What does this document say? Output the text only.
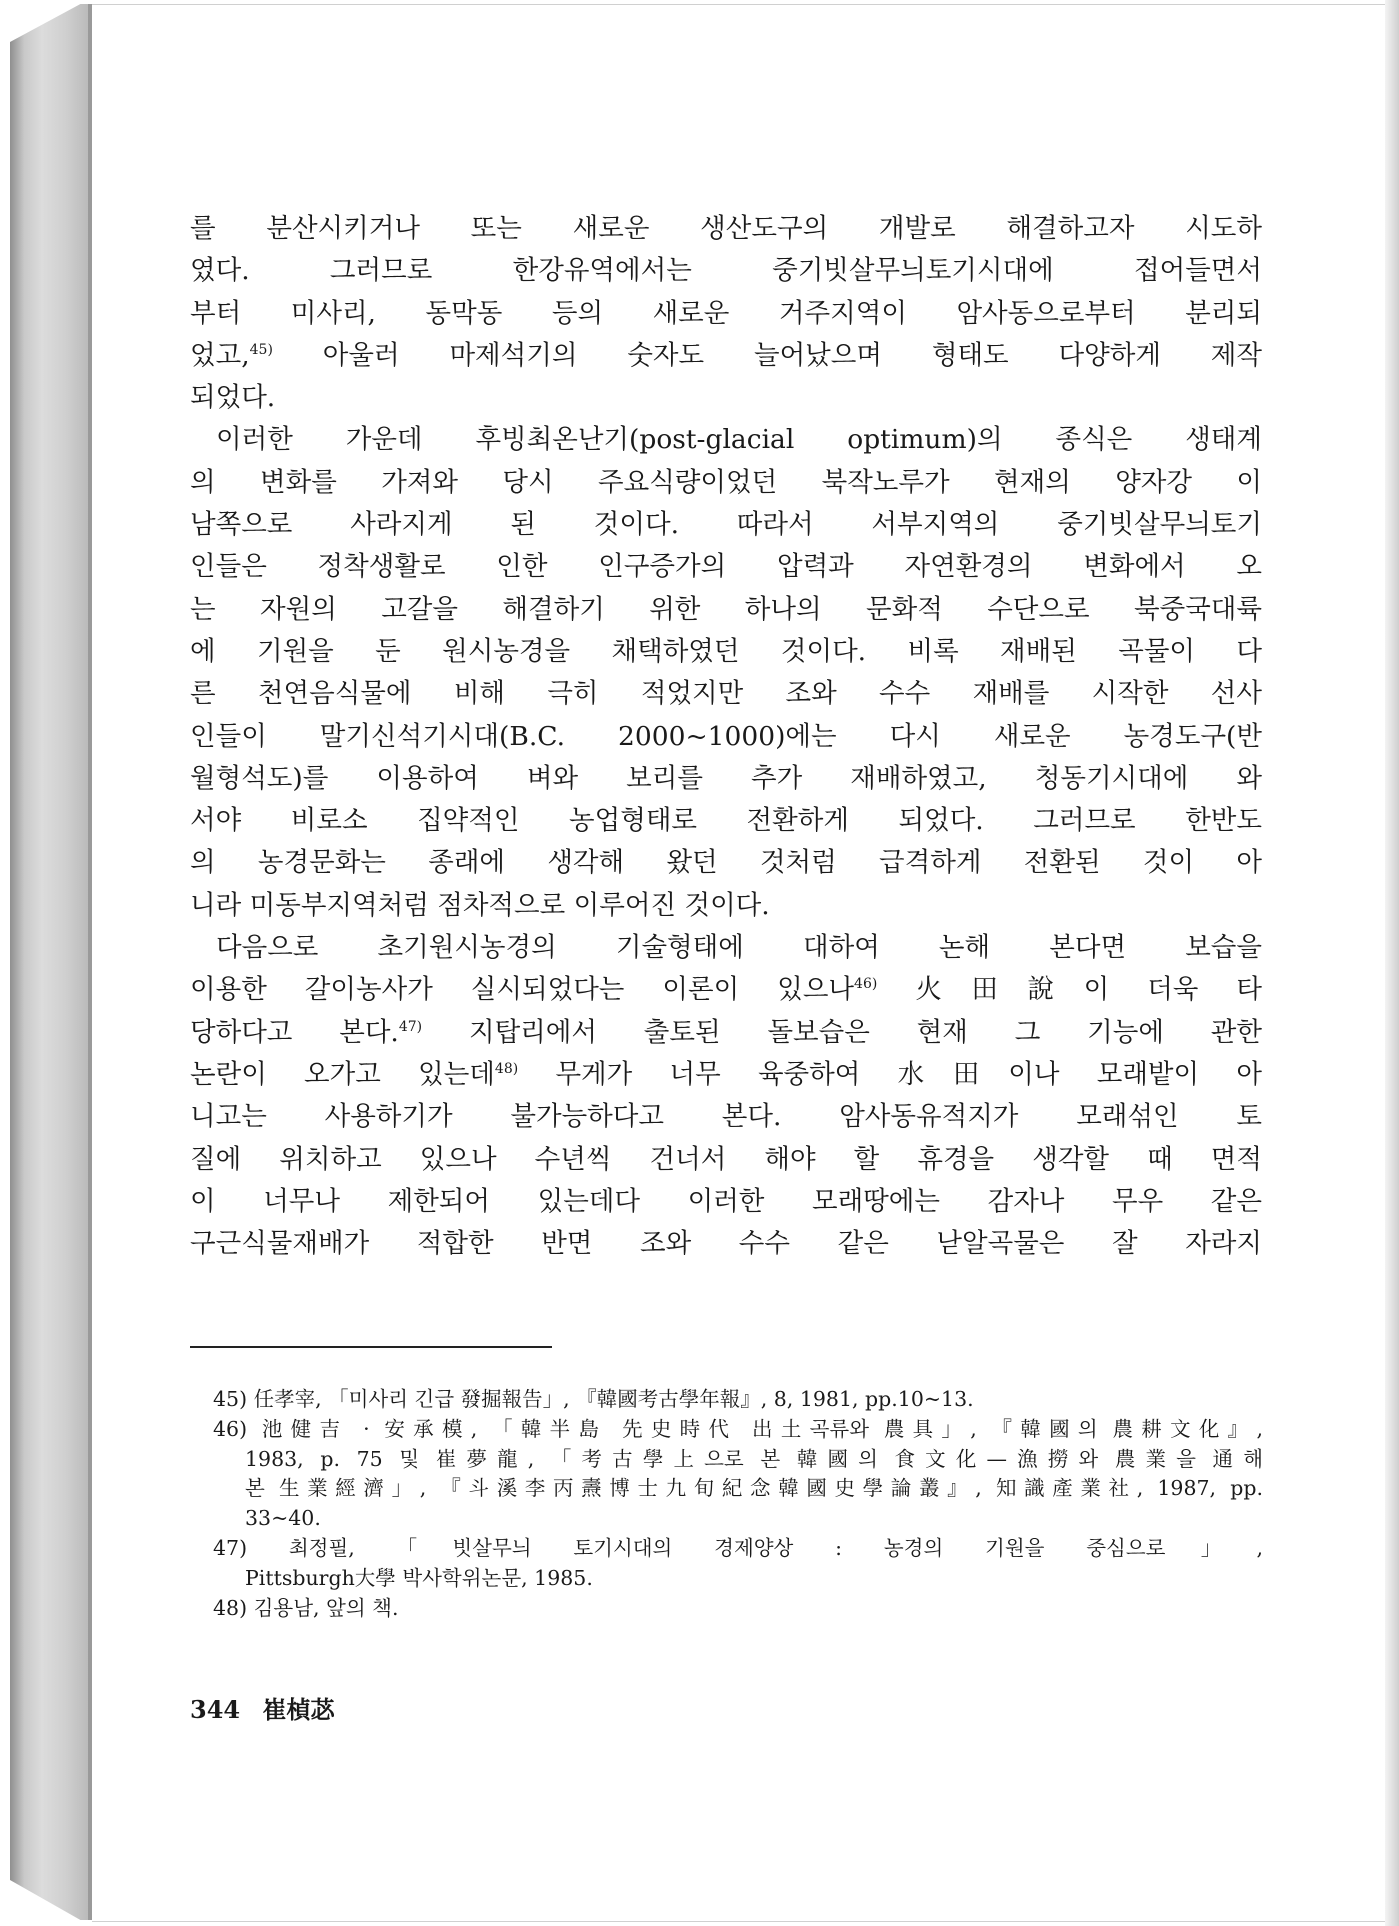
를 분산시키거나 또는 새로운 생산도구의 개발로 해결하고자 시도하
였다. 그러므로 한강유역에서는 중기빗살무늬토기시대에 접어들면서
부터 미사리, 동막동 등의 새로운 거주지역이 암사동으로부터 분리되
었고,$^{45)}$ 아울러 마제석기의 숫자도 늘어났으며 형태도 다양하게 제작
되었다.
이러한 가운데 후빙최온난기(post-glacial optimum)의 종식은 생태계
의 변화를 가져와 당시 주요식량이었던 북작노루가 현재의 양자강 이
남쪽으로 사라지게 된 것이다. 따라서 서부지역의 중기빗살무늬토기
인들은 정착생활로 인한 인구증가의 압력과 자연환경의 변화에서 오
는 자원의 고갈을 해결하기 위한 하나의 문화적 수단으로 북중국대륙
에 기원을 둔 원시농경을 채택하였던 것이다. 비록 재배된 곡물이 다
른 천연음식물에 비해 극히 적었지만 조와 수수 재배를 시작한 선사
인들이 말기신석기시대(B.C. 2000~1000)에는 다시 새로운 농경도구(반
월형석도)를 이용하여 벼와 보리를 추가 재배하였고, 청동기시대에 와
서야 비로소 집약적인 농업형태로 전환하게 되었다. 그러므로 한반도
의 농경문화는 종래에 생각해 왔던 것처럼 급격하게 전환된 것이 아
니라 미동부지역처럼 점차적으로 이루어진 것이다.
다음으로 초기원시농경의 기술형태에 대하여 논해 본다면 보습을
이용한 갈이농사가 실시되었다는 이론이 있으나$^{46)}$ 火田說이 더욱 타
당하다고 본다.$^{47)}$ 지탑리에서 출토된 돌보습은 현재 그 기능에 관한
논란이 오가고 있는데$^{48)}$ 무게가 너무 육중하여 水田이나 모래밭이 아
니고는 사용하기가 불가능하다고 본다. 암사동유적지가 모래섞인 토
질에 위치하고 있으나 수년씩 건너서 해야 할 휴경을 생각할 때 면적
이 너무나 제한되어 있는데다 이러한 모래땅에는 감자나 무우 같은
구근식물재배가 적합한 반면 조와 수수 같은 낟알곡물은 잘 자라지
45) 任孝宰, 「미사리 긴급 發掘報告」, 『韓國考古學年報』, 8, 1981, pp.10~13.
46) 池健吉 · 安承模, 「韓半島 先史時代 出土곡류와 農具」, 『韓國의 農耕文化』,
1983, p. 75 및 崔夢龍, 「考古學上으로 본 韓國의 食文化—漁撈와 農業을 通해
본 生業經濟」, 『斗溪李丙燾博士九旬紀念韓國史學論叢』, 知識產業社, 1987, pp.
33~40.
47) 최정필, 「빗살무늬 토기시대의 경제양상 : 농경의 기원을 중심으로」,
Pittsburgh大學 박사학위논문, 1985.
48) 김용남, 앞의 책.
344 崔楨苾
